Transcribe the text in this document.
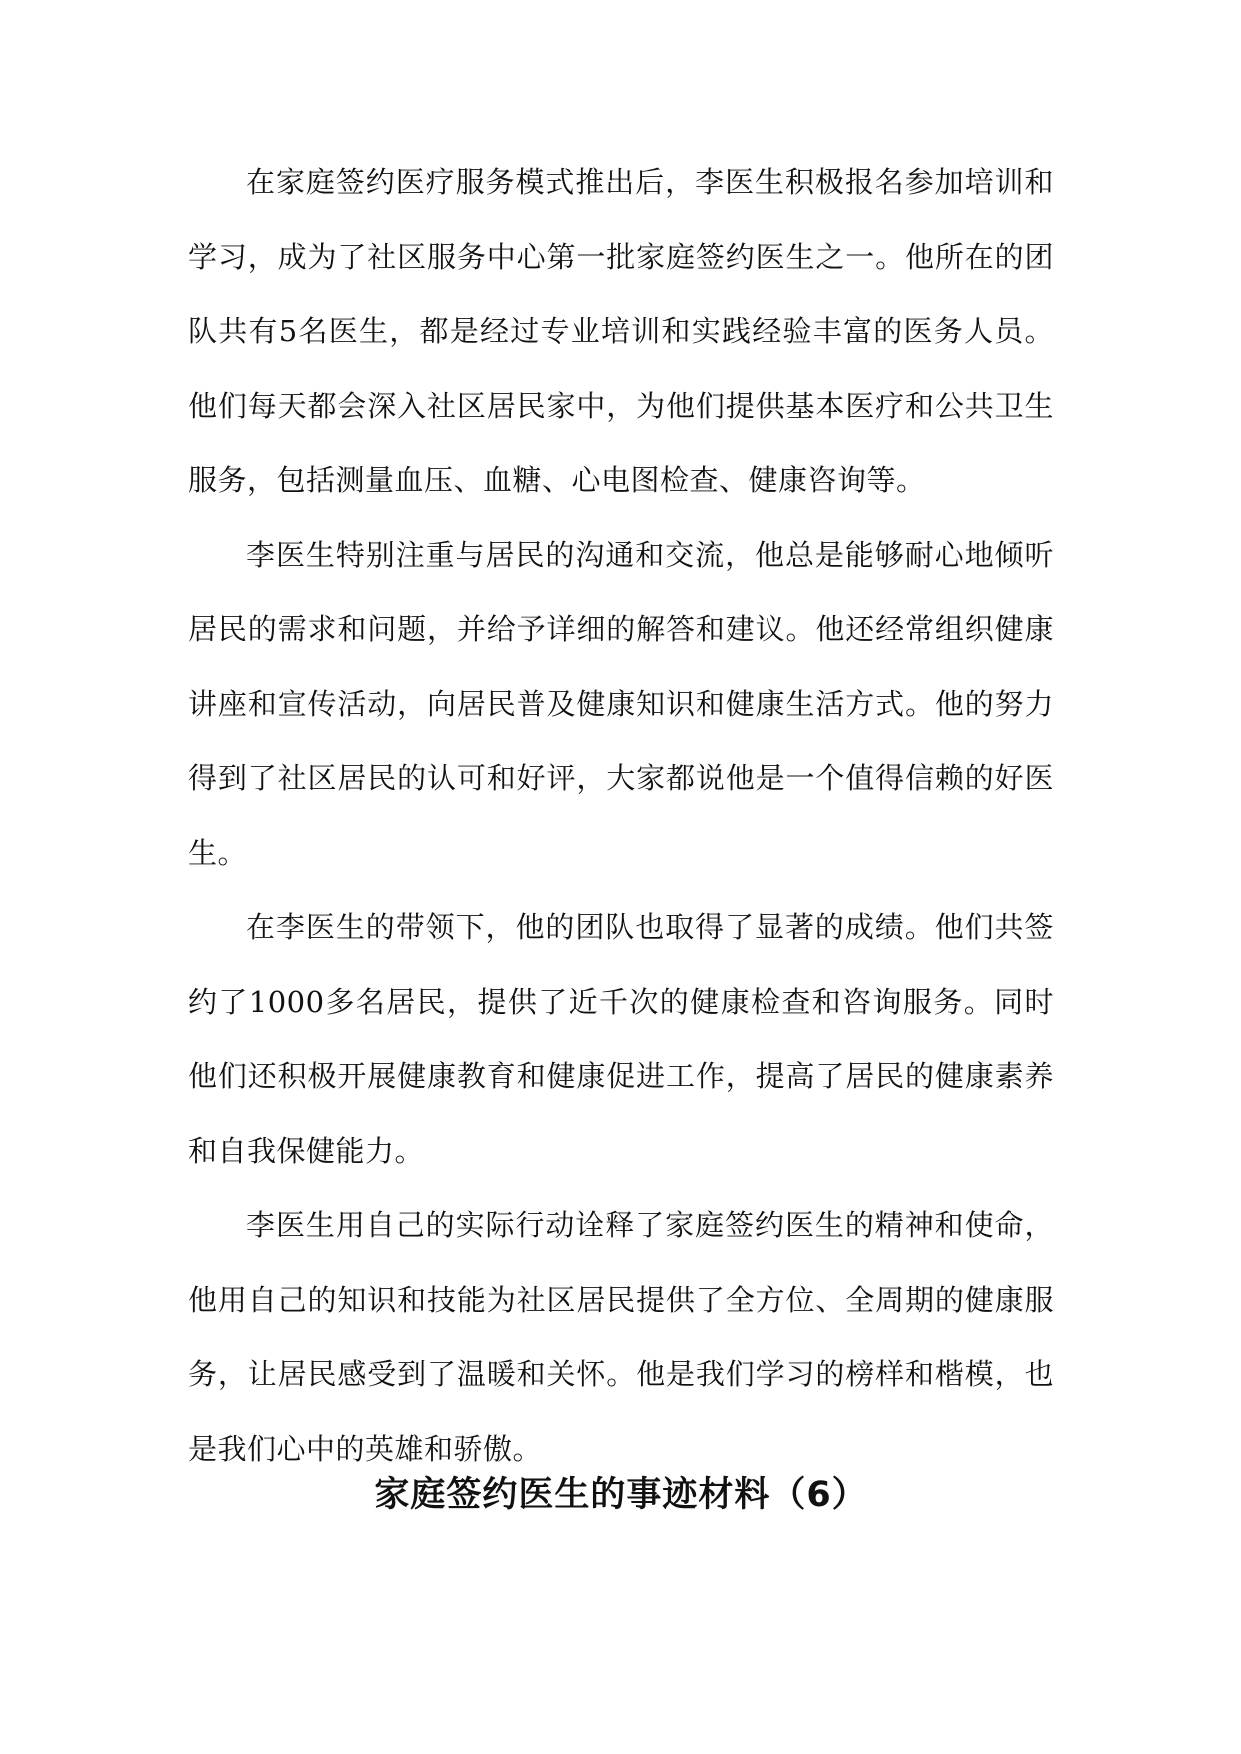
在家庭签约医疗服务模式推出后，李医生积极报名参加培训和学习，成为了社区服务中心第一批家庭签约医生之一。他所在的团队共有5名医生，都是经过专业培训和实践经验丰富的医务人员。他们每天都会深入社区居民家中，为他们提供基本医疗和公共卫生服务，包括测量血压、血糖、心电图检查、健康咨询等。

李医生特别注重与居民的沟通和交流，他总是能够耐心地倾听居民的需求和问题，并给予详细的解答和建议。他还经常组织健康讲座和宣传活动，向居民普及健康知识和健康生活方式。他的努力得到了社区居民的认可和好评，大家都说他是一个值得信赖的好医生。

在李医生的带领下，他的团队也取得了显著的成绩。他们共签约了1000多名居民，提供了近千次的健康检查和咨询服务。同时他们还积极开展健康教育和健康促进工作，提高了居民的健康素养和自我保健能力。

李医生用自己的实际行动诠释了家庭签约医生的精神和使命，他用自己的知识和技能为社区居民提供了全方位、全周期的健康服务，让居民感受到了温暖和关怀。他是我们学习的榜样和楷模，也是我们心中的英雄和骄傲。

家庭签约医生的事迹材料（6）
